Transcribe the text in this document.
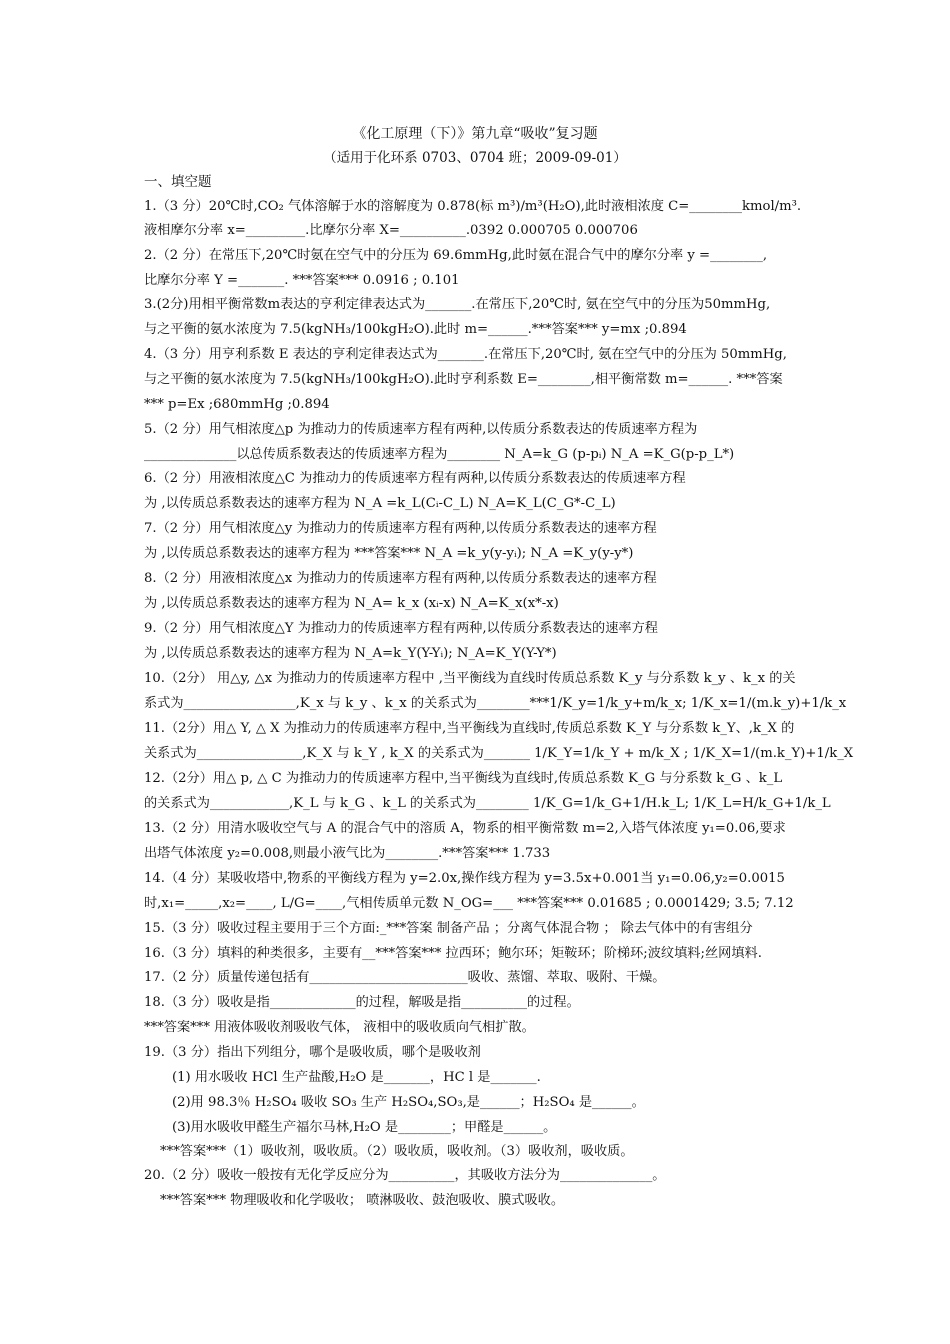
《化工原理（下）》第九章“吸收”复习题
（适用于化环系 0703、0704 班；2009-09-01）
一、填空题
1.（3 分）20℃时,CO₂ 气体溶解于水的溶解度为 0.878(标 m³)/m³(H₂O),此时液相浓度 C=________kmol/m³.
液相摩尔分率 x=_________.比摩尔分率 X=__________.0392 0.000705 0.000706
2.（2 分）在常压下,20℃时氨在空气中的分压为 69.6mmHg,此时氨在混合气中的摩尔分率 y =________,
比摩尔分率 Y =_______. ***答案*** 0.0916 ; 0.101
3.(2分)用相平衡常数m表达的亨利定律表达式为_______.在常压下,20℃时, 氨在空气中的分压为50mmHg,
与之平衡的氨水浓度为 7.5(kgNH₃/100kgH₂O).此时 m=______.***答案*** y=mx ;0.894
4.（3 分）用亨利系数 E 表达的亨利定律表达式为_______.在常压下,20℃时, 氨在空气中的分压为 50mmHg,
与之平衡的氨水浓度为 7.5(kgNH₃/100kgH₂O).此时亨利系数 E=________,相平衡常数 m=______. ***答案
*** p=Ex ;680mmHg ;0.894
5.（2 分）用气相浓度△p 为推动力的传质速率方程有两种,以传质分系数表达的传质速率方程为
______________以总传质系数表达的传质速率方程为________ N_A=k_G (p-pᵢ) N_A =K_G(p-p_L*)
6.（2 分）用液相浓度△C 为推动力的传质速率方程有两种,以传质分系数表达的传质速率方程
为 ,以传质总系数表达的速率方程为 N_A =k_L(Cᵢ-C_L) N_A=K_L(C_G*-C_L)
7.（2 分）用气相浓度△y 为推动力的传质速率方程有两种,以传质分系数表达的速率方程
为 ,以传质总系数表达的速率方程为 ***答案*** N_A =k_y(y-yᵢ); N_A =K_y(y-y*)
8.（2 分）用液相浓度△x 为推动力的传质速率方程有两种,以传质分系数表达的速率方程
为 ,以传质总系数表达的速率方程为 N_A= k_x (xᵢ-x) N_A=K_x(x*-x)
9.（2 分）用气相浓度△Y 为推动力的传质速率方程有两种,以传质分系数表达的速率方程
为 ,以传质总系数表达的速率方程为 N_A=k_Y(Y-Yᵢ); N_A=K_Y(Y-Y*)
10.（2分） 用△y, △x 为推动力的传质速率方程中 ,当平衡线为直线时传质总系数 K_y 与分系数 k_y 、k_x 的关
系式为_________________,K_x 与 k_y 、k_x 的关系式为________***1/K_y=1/k_y+m/k_x; 1/K_x=1/(m.k_y)+1/k_x
11.（2分）用△ Y, △ X 为推动力的传质速率方程中,当平衡线为直线时,传质总系数 K_Y 与分系数 k_Y、,k_X 的
关系式为________________,K_X 与 k_Y , k_X 的关系式为_______ 1/K_Y=1/k_Y + m/k_X ; 1/K_X=1/(m.k_Y)+1/k_X
12.（2分）用△ p, △ C 为推动力的传质速率方程中,当平衡线为直线时,传质总系数 K_G 与分系数 k_G 、k_L
的关系式为____________,K_L 与 k_G 、k_L 的关系式为________ 1/K_G=1/k_G+1/H.k_L; 1/K_L=H/k_G+1/k_L
13.（2 分）用清水吸收空气与 A 的混合气中的溶质 A，物系的相平衡常数 m=2,入塔气体浓度 y₁=0.06,要求
出塔气体浓度 y₂=0.008,则最小液气比为________.***答案*** 1.733
14.（4 分）某吸收塔中,物系的平衡线方程为 y=2.0x,操作线方程为 y=3.5x+0.001当 y₁=0.06,y₂=0.0015
时,x₁=_____,x₂=____, L/G=____,气相传质单元数 N_OG=___ ***答案*** 0.01685 ; 0.0001429; 3.5; 7.12
15.（3 分）吸收过程主要用于三个方面:_***答案 制备产品 ；分离气体混合物 ； 除去气体中的有害组分
16.（3 分）填料的种类很多，主要有__***答案*** 拉西环；鲍尔环；矩鞍环；阶梯环;波纹填料;丝网填料.
17.（2 分）质量传递包括有________________________吸收、蒸馏、萃取、吸附、干燥。
18.（3 分）吸收是指_____________的过程，解吸是指__________的过程。
***答案*** 用液体吸收剂吸收气体， 液相中的吸收质向气相扩散。
19.（3 分）指出下列组分，哪个是吸收质，哪个是吸收剂
(1) 用水吸收 HCl 生产盐酸,H₂O 是_______，HC l 是_______.
(2)用 98.3％ H₂SO₄ 吸收 SO₃ 生产 H₂SO₄,SO₃,是______；H₂SO₄ 是______。
(3)用水吸收甲醛生产福尔马林,H₂O 是________；甲醛是______。
***答案***（1）吸收剂，吸收质。（2）吸收质，吸收剂。（3）吸收剂，吸收质。
20.（2 分）吸收一般按有无化学反应分为__________，其吸收方法分为______________。
***答案*** 物理吸收和化学吸收； 喷淋吸收、鼓泡吸收、膜式吸收。
